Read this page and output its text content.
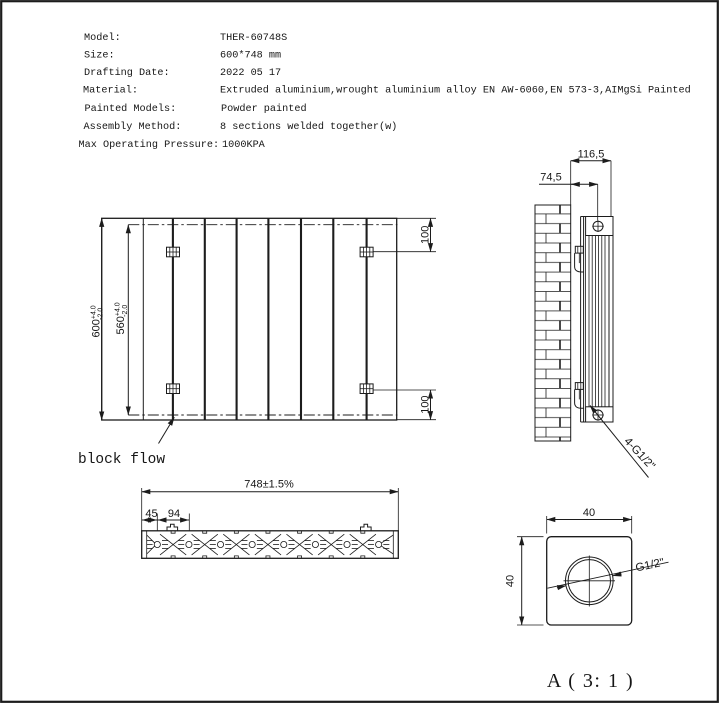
Model:	THER-60748S
Size:	600*748 mm
Drafting Date:	2022 05 17
Material:	Extruded aluminium,wrought aluminium alloy EN AW-6060,EN 573-3,AIMgSi Painted
Painted Models:	Powder painted
Assembly Method:	8 sections welded together(w)
Max Operating Pressure: 1000KPA
$600^{+4.0}-2.0$
$560^{+4.0}-2.0$
100
100
block flow
116,5
74,5
4-G1/2"
748±1.5%
45 94
G1/2"
40
40
A ( 3: 1 )
